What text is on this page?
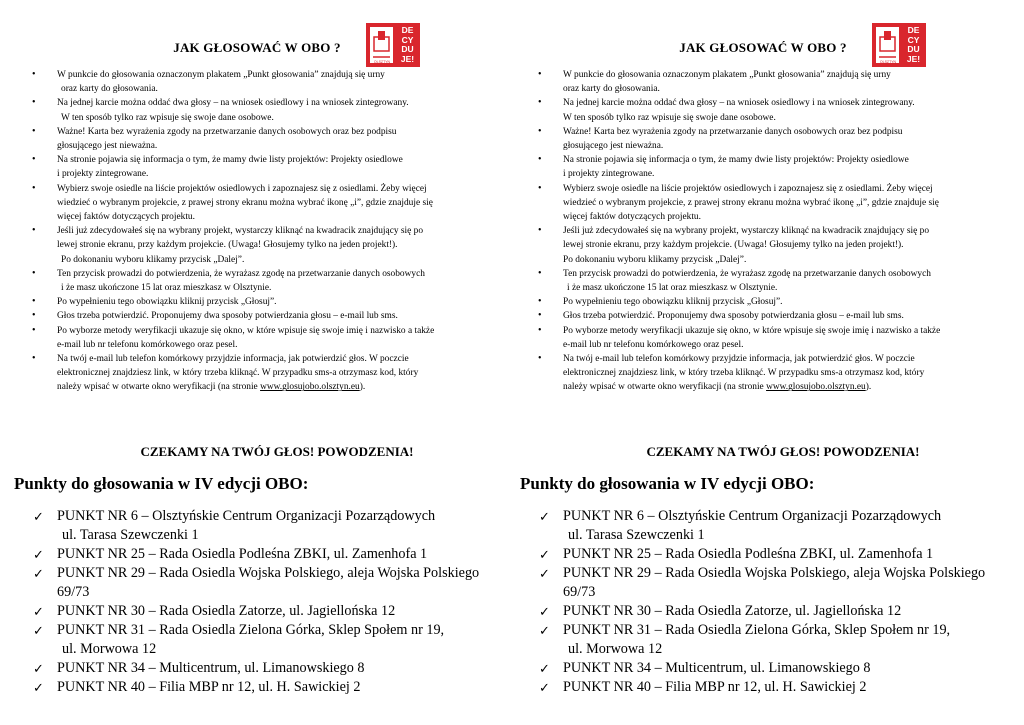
JAK GŁOSOWAĆ W OBO ?
DE
CY
DU
JE!
OLSZTYN
• W punkcie do głosowania oznaczonym plakatem „Punkt głosowania” znajdują się urny
oraz karty do głosowania.
• Na jednej karcie można oddać dwa głosy – na wniosek osiedlowy i na wniosek zintegrowany.
W ten sposób tylko raz wpisuje się swoje dane osobowe.
• Ważne! Karta bez wyrażenia zgody na przetwarzanie danych osobowych oraz bez podpisu
głosującego jest nieważna.
• Na stronie pojawia się informacja o tym, że mamy dwie listy projektów: Projekty osiedlowe
i projekty zintegrowane.
• Wybierz swoje osiedle na liście projektów osiedlowych i zapoznajesz się z osiedlami. Żeby więcej
wiedzieć o wybranym projekcie, z prawej strony ekranu można wybrać ikonę „i”, gdzie znajduje się
więcej faktów dotyczących projektu.
• Jeśli już zdecydowałeś się na wybrany projekt, wystarczy kliknąć na kwadracik znajdujący się po
lewej stronie ekranu, przy każdym projekcie. (Uwaga! Głosujemy tylko na jeden projekt!).
Po dokonaniu wyboru klikamy przycisk „Dalej”.
• Ten przycisk prowadzi do potwierdzenia, że wyrażasz zgodę na przetwarzanie danych osobowych
i że masz ukończone 15 lat oraz mieszkasz w Olsztynie.
• Po wypełnieniu tego obowiązku kliknij przycisk „Głosuj”.
• Głos trzeba potwierdzić. Proponujemy dwa sposoby potwierdzania głosu – e-mail lub sms.
• Po wyborze metody weryfikacji ukazuje się okno, w które wpisuje się swoje imię i nazwisko a także
e-mail lub nr telefonu komórkowego oraz pesel.
• Na twój e-mail lub telefon komórkowy przyjdzie informacja, jak potwierdzić głos. W poczcie
elektronicznej znajdziesz link, w który trzeba kliknąć. W przypadku sms-a otrzymasz kod, który
należy wpisać w otwarte okno weryfikacji (na stronie www.glosujobo.olsztyn.eu).
CZEKAMY NA TWÓJ GŁOS! POWODZENIA!
Punkty do głosowania w IV edycji OBO:
✓ PUNKT NR 6 – Olsztyńskie Centrum Organizacji Pozarządowych
ul. Tarasa Szewczenki 1
✓ PUNKT NR 25 – Rada Osiedla Podleśna ZBKI, ul. Zamenhofa 1
✓ PUNKT NR 29 – Rada Osiedla Wojska Polskiego, aleja Wojska Polskiego
69/73
✓ PUNKT NR 30 – Rada Osiedla Zatorze, ul. Jagiellońska 12
✓ PUNKT NR 31 – Rada Osiedla Zielona Górka, Sklep Społem nr 19,
ul. Morwowa 12
✓ PUNKT NR 34 – Multicentrum, ul. Limanowskiego 8
✓ PUNKT NR 40 – Filia MBP nr 12, ul. H. Sawickiej 2
JAK GŁOSOWAĆ W OBO ?
DE
CY
DU
JE!
OLSZTYN
• W punkcie do głosowania oznaczonym plakatem „Punkt głosowania” znajdują się urny
oraz karty do głosowania.
• Na jednej karcie można oddać dwa głosy – na wniosek osiedlowy i na wniosek zintegrowany.
W ten sposób tylko raz wpisuje się swoje dane osobowe.
• Ważne! Karta bez wyrażenia zgody na przetwarzanie danych osobowych oraz bez podpisu
głosującego jest nieważna.
• Na stronie pojawia się informacja o tym, że mamy dwie listy projektów: Projekty osiedlowe
i projekty zintegrowane.
• Wybierz swoje osiedle na liście projektów osiedlowych i zapoznajesz się z osiedlami. Żeby więcej
wiedzieć o wybranym projekcie, z prawej strony ekranu można wybrać ikonę „i”, gdzie znajduje się
więcej faktów dotyczących projektu.
• Jeśli już zdecydowałeś się na wybrany projekt, wystarczy kliknąć na kwadracik znajdujący się po
lewej stronie ekranu, przy każdym projekcie. (Uwaga! Głosujemy tylko na jeden projekt!).
Po dokonaniu wyboru klikamy przycisk „Dalej”.
• Ten przycisk prowadzi do potwierdzenia, że wyrażasz zgodę na przetwarzanie danych osobowych
i że masz ukończone 15 lat oraz mieszkasz w Olsztynie.
• Po wypełnieniu tego obowiązku kliknij przycisk „Głosuj”.
• Głos trzeba potwierdzić. Proponujemy dwa sposoby potwierdzania głosu – e-mail lub sms.
• Po wyborze metody weryfikacji ukazuje się okno, w które wpisuje się swoje imię i nazwisko a także
e-mail lub nr telefonu komórkowego oraz pesel.
• Na twój e-mail lub telefon komórkowy przyjdzie informacja, jak potwierdzić głos. W poczcie
elektronicznej znajdziesz link, w który trzeba kliknąć. W przypadku sms-a otrzymasz kod, który
należy wpisać w otwarte okno weryfikacji (na stronie www.glosujobo.olsztyn.eu).
CZEKAMY NA TWÓJ GŁOS! POWODZENIA!
Punkty do głosowania w IV edycji OBO:
✓ PUNKT NR 6 – Olsztyńskie Centrum Organizacji Pozarządowych
ul. Tarasa Szewczenki 1
✓ PUNKT NR 25 – Rada Osiedla Podleśna ZBKI, ul. Zamenhofa 1
✓ PUNKT NR 29 – Rada Osiedla Wojska Polskiego, aleja Wojska Polskiego
69/73
✓ PUNKT NR 30 – Rada Osiedla Zatorze, ul. Jagiellońska 12
✓ PUNKT NR 31 – Rada Osiedla Zielona Górka, Sklep Społem nr 19,
ul. Morwowa 12
✓ PUNKT NR 34 – Multicentrum, ul. Limanowskiego 8
✓ PUNKT NR 40 – Filia MBP nr 12, ul. H. Sawickiej 2
